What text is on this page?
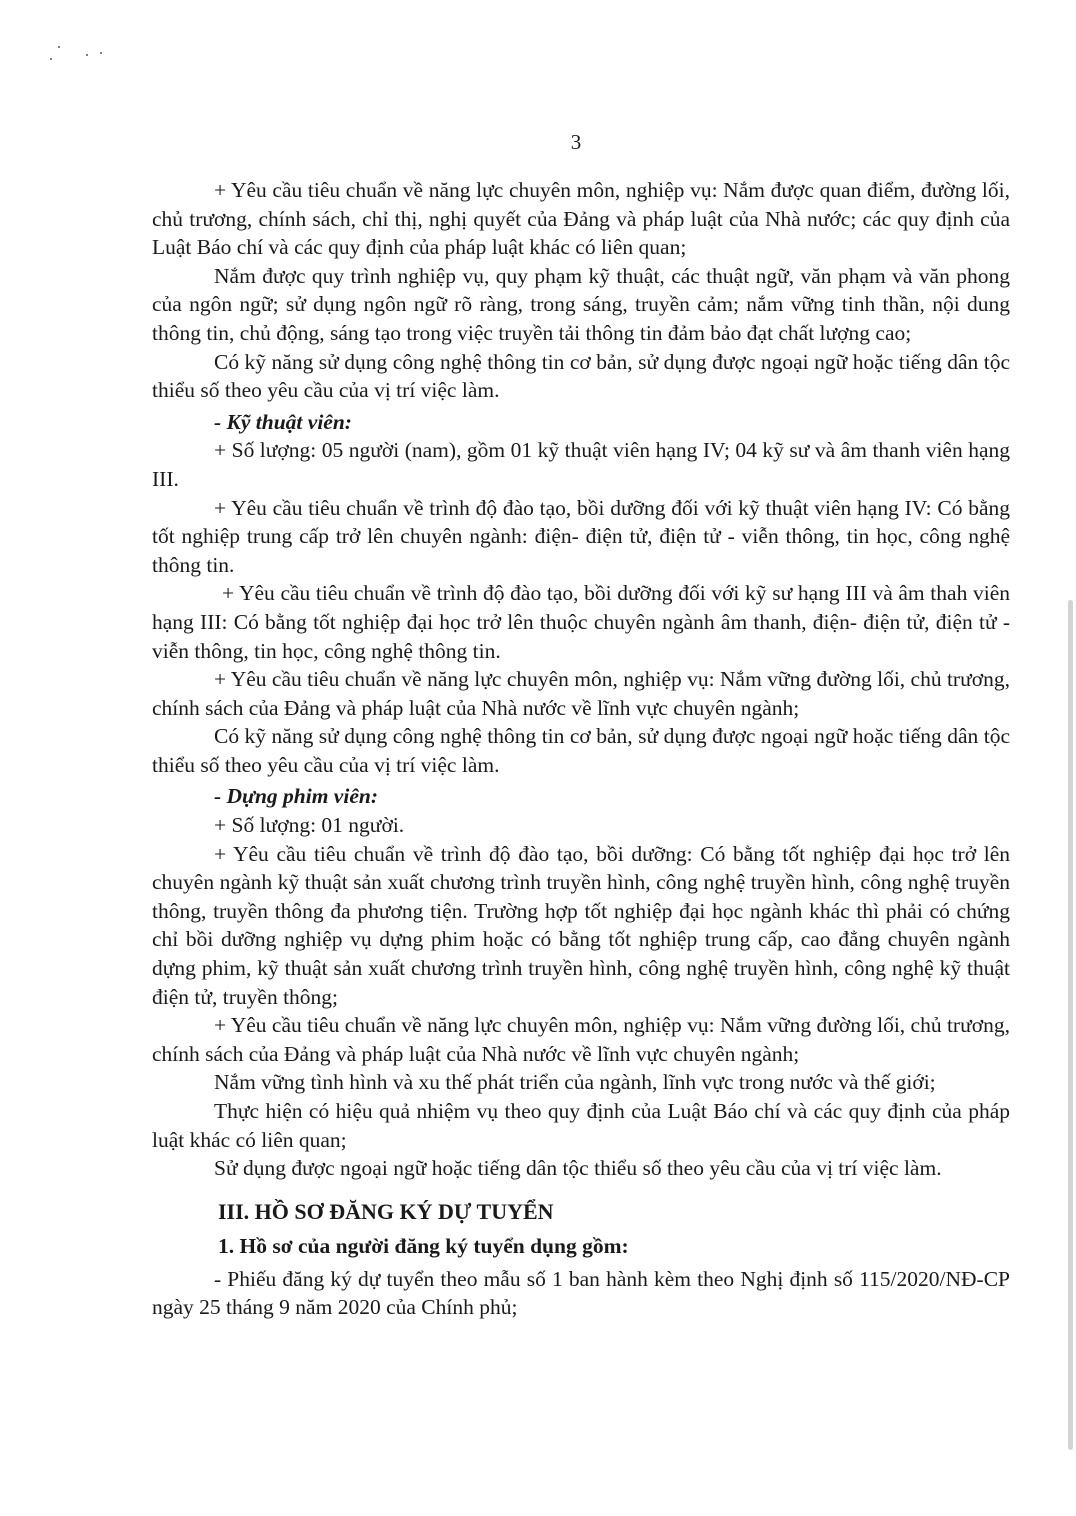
3

+ Yêu cầu tiêu chuẩn về năng lực chuyên môn, nghiệp vụ: Nắm được quan điểm, đường lối, chủ trương, chính sách, chỉ thị, nghị quyết của Đảng và pháp luật của Nhà nước; các quy định của Luật Báo chí và các quy định của pháp luật khác có liên quan;

Nắm được quy trình nghiệp vụ, quy phạm kỹ thuật, các thuật ngữ, văn phạm và văn phong của ngôn ngữ; sử dụng ngôn ngữ rõ ràng, trong sáng, truyền cảm; nắm vững tinh thần, nội dung thông tin, chủ động, sáng tạo trong việc truyền tải thông tin đảm bảo đạt chất lượng cao;

Có kỹ năng sử dụng công nghệ thông tin cơ bản, sử dụng được ngoại ngữ hoặc tiếng dân tộc thiểu số theo yêu cầu của vị trí việc làm.

- Kỹ thuật viên:

+ Số lượng: 05 người (nam), gồm 01 kỹ thuật viên hạng IV; 04 kỹ sư và âm thanh viên hạng III.

+ Yêu cầu tiêu chuẩn về trình độ đào tạo, bồi dưỡng đối với kỹ thuật viên hạng IV: Có bằng tốt nghiệp trung cấp trở lên chuyên ngành: điện- điện tử, điện tử - viễn thông, tin học, công nghệ thông tin.

+ Yêu cầu tiêu chuẩn về trình độ đào tạo, bồi dưỡng đối với kỹ sư hạng III và âm thah viên hạng III: Có bằng tốt nghiệp đại học trở lên thuộc chuyên ngành âm thanh, điện- điện tử, điện tử - viễn thông, tin học, công nghệ thông tin.

+ Yêu cầu tiêu chuẩn về năng lực chuyên môn, nghiệp vụ: Nắm vững đường lối, chủ trương, chính sách của Đảng và pháp luật của Nhà nước về lĩnh vực chuyên ngành;

Có kỹ năng sử dụng công nghệ thông tin cơ bản, sử dụng được ngoại ngữ hoặc tiếng dân tộc thiểu số theo yêu cầu của vị trí việc làm.

- Dựng phim viên:

+ Số lượng: 01 người.

+ Yêu cầu tiêu chuẩn về trình độ đào tạo, bồi dưỡng: Có bằng tốt nghiệp đại học trở lên chuyên ngành kỹ thuật sản xuất chương trình truyền hình, công nghệ truyền hình, công nghệ truyền thông, truyền thông đa phương tiện. Trường hợp tốt nghiệp đại học ngành khác thì phải có chứng chỉ bồi dưỡng nghiệp vụ dựng phim hoặc có bằng tốt nghiệp trung cấp, cao đẳng chuyên ngành dựng phim, kỹ thuật sản xuất chương trình truyền hình, công nghệ truyền hình, công nghệ kỹ thuật điện tử, truyền thông;

+ Yêu cầu tiêu chuẩn về năng lực chuyên môn, nghiệp vụ: Nắm vững đường lối, chủ trương, chính sách của Đảng và pháp luật của Nhà nước về lĩnh vực chuyên ngành;

Nắm vững tình hình và xu thế phát triển của ngành, lĩnh vực trong nước và thế giới;

Thực hiện có hiệu quả nhiệm vụ theo quy định của Luật Báo chí và các quy định của pháp luật khác có liên quan;

Sử dụng được ngoại ngữ hoặc tiếng dân tộc thiểu số theo yêu cầu của vị trí việc làm.

III. HỒ SƠ ĐĂNG KÝ DỰ TUYỂN

1. Hồ sơ của người đăng ký tuyển dụng gồm:

- Phiếu đăng ký dự tuyển theo mẫu số 1 ban hành kèm theo Nghị định số 115/2020/NĐ-CP ngày 25 tháng 9 năm 2020 của Chính phủ;
